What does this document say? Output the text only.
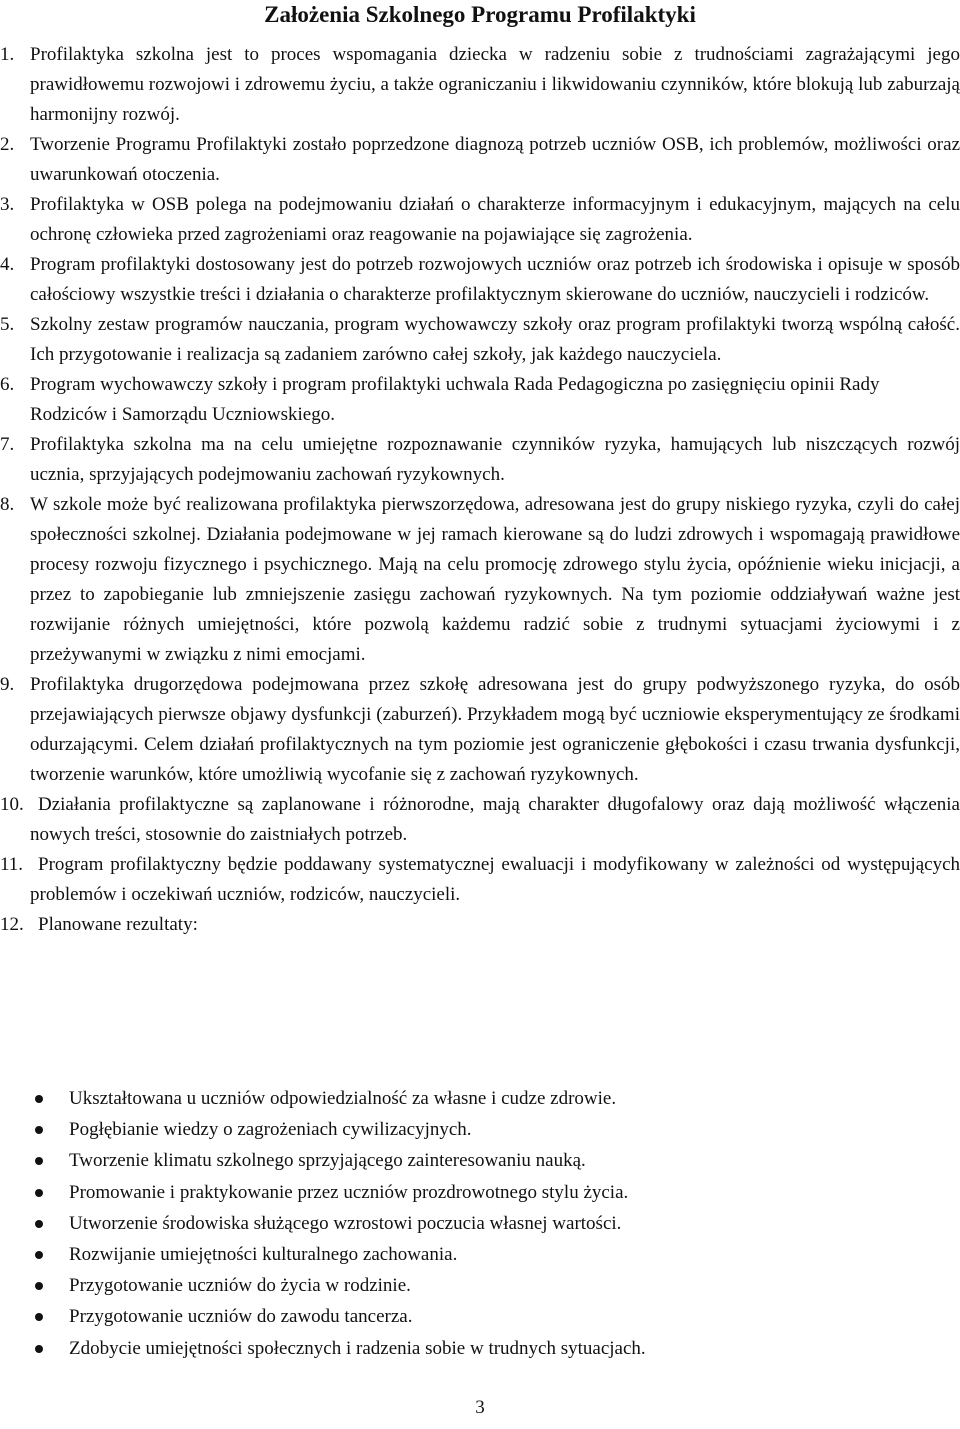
Założenia Szkolnego Programu Profilaktyki

1. Profilaktyka szkolna jest to proces wspomagania dziecka w radzeniu sobie z trudnościami zagrażającymi jego prawidłowemu rozwojowi i zdrowemu życiu, a także ograniczaniu i likwidowaniu czynników, które blokują lub zaburzają harmonijny rozwój.

2. Tworzenie Programu Profilaktyki zostało poprzedzone diagnozą potrzeb uczniów OSB, ich problemów, możliwości oraz uwarunkowań otoczenia.

3. Profilaktyka w OSB polega na podejmowaniu działań o charakterze informacyjnym i edukacyjnym, mających na celu ochronę człowieka przed zagrożeniami oraz reagowanie na pojawiające się zagrożenia.

4. Program profilaktyki dostosowany jest do potrzeb rozwojowych uczniów oraz potrzeb ich środowiska i opisuje w sposób całościowy wszystkie treści i działania o charakterze profilaktycznym skierowane do uczniów, nauczycieli i rodziców.

5. Szkolny zestaw programów nauczania, program wychowawczy szkoły oraz program profilaktyki tworzą wspólną całość. Ich przygotowanie i realizacja są zadaniem zarówno całej szkoły, jak każdego nauczyciela.

6. Program wychowawczy szkoły i program profilaktyki uchwala Rada Pedagogiczna po zasięgnięciu opinii Rady Rodziców i Samorządu Uczniowskiego.

7. Profilaktyka szkolna ma na celu umiejętne rozpoznawanie czynników ryzyka, hamujących lub niszczących rozwój ucznia, sprzyjających podejmowaniu zachowań ryzykownych.

8. W szkole może być realizowana profilaktyka pierwszorzędowa, adresowana jest do grupy niskiego ryzyka, czyli do całej społeczności szkolnej. Działania podejmowane w jej ramach kierowane są do ludzi zdrowych i wspomagają prawidłowe procesy rozwoju fizycznego i psychicznego. Mają na celu promocję zdrowego stylu życia, opóźnienie wieku inicjacji, a przez to zapobieganie lub zmniejszenie zasięgu zachowań ryzykownych. Na tym poziomie oddziaływań ważne jest rozwijanie różnych umiejętności, które pozwolą każdemu radzić sobie z trudnymi sytuacjami życiowymi i z przeżywanymi w związku z nimi emocjami.

9. Profilaktyka drugorzędowa podejmowana przez szkołę adresowana jest do grupy podwyższonego ryzyka, do osób przejawiających pierwsze objawy dysfunkcji (zaburzeń). Przykładem mogą być uczniowie eksperymentujący ze środkami odurzającymi. Celem działań profilaktycznych na tym poziomie jest ograniczenie głębokości i czasu trwania dysfunkcji, tworzenie warunków, które umożliwią wycofanie się z zachowań ryzykownych.

10. Działania profilaktyczne są zaplanowane i różnorodne, mają charakter długofalowy oraz dają możliwość włączenia nowych treści, stosownie do zaistniałych potrzeb.

11. Program profilaktyczny będzie poddawany systematycznej ewaluacji i modyfikowany w zależności od występujących problemów i oczekiwań uczniów, rodziców, nauczycieli.

12. Planowane rezultaty:

Ukształtowana u uczniów odpowiedzialność za własne i cudze zdrowie.
Pogłębianie wiedzy o zagrożeniach cywilizacyjnych.
Tworzenie klimatu szkolnego sprzyjającego zainteresowaniu nauką.
Promowanie i praktykowanie przez uczniów prozdrowotnego stylu życia.
Utworzenie środowiska służącego wzrostowi poczucia własnej wartości.
Rozwijanie umiejętności kulturalnego zachowania.
Przygotowanie uczniów do życia w rodzinie.
Przygotowanie uczniów do zawodu tancerza.
Zdobycie umiejętności społecznych i radzenia sobie w trudnych sytuacjach.
3
